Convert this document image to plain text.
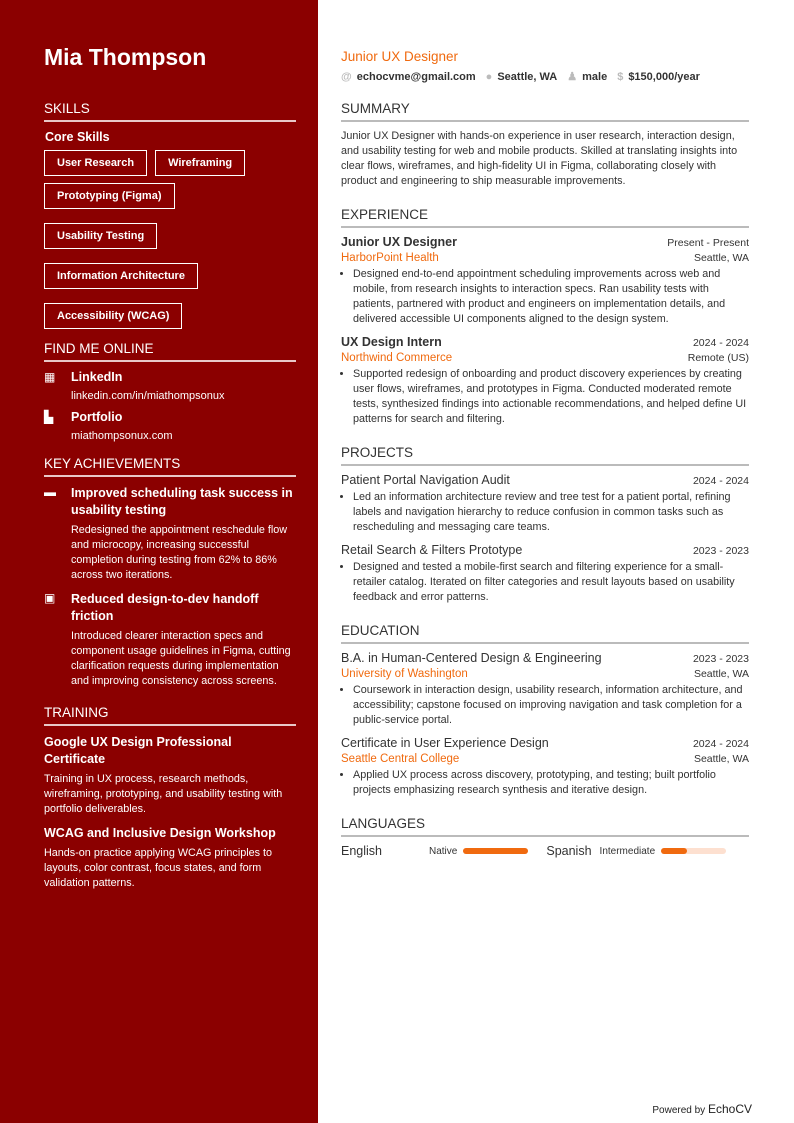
Mia Thompson
SKILLS
Core Skills
User Research	Wireframing
Prototyping (Figma)
Usability Testing
Information Architecture
Accessibility (WCAG)
FIND ME ONLINE
▦	LinkedIn
linkedin.com/in/miathompsonux
▙	Portfolio
miathompsonux.com
KEY ACHIEVEMENTS
▬	Improved scheduling task success in usability testing
Redesigned the appointment reschedule flow and microcopy, increasing successful completion during testing from 62% to 86% across two iterations.
▣	Reduced design-to-dev handoff friction
Introduced clearer interaction specs and component usage guidelines in Figma, cutting clarification requests during implementation and improving consistency across screens.
TRAINING
Google UX Design Professional Certificate
Training in UX process, research methods, wireframing, prototyping, and usability testing with portfolio deliverables.
WCAG and Inclusive Design Workshop
Hands-on practice applying WCAG principles to layouts, color contrast, focus states, and form validation patterns.
Junior UX Designer
@ echocvme@gmail.com ● Seattle, WA ♟ male $ $150,000/year
SUMMARY
Junior UX Designer with hands-on experience in user research, interaction design, and usability testing for web and mobile products. Skilled at translating insights into clear flows, wireframes, and high-fidelity UI in Figma, collaborating closely with product and engineering to ship measurable improvements.
EXPERIENCE
Junior UX Designer	Present - Present
HarborPoint Health	Seattle, WA
• Designed end-to-end appointment scheduling improvements across web and mobile, from research insights to interaction specs. Ran usability tests with patients, partnered with product and engineers on implementation details, and delivered accessible UI components aligned to the design system.
UX Design Intern	2024 - 2024
Northwind Commerce	Remote (US)
• Supported redesign of onboarding and product discovery experiences by creating user flows, wireframes, and prototypes in Figma. Conducted moderated remote tests, synthesized findings into actionable recommendations, and helped define UI patterns for search and filtering.
PROJECTS
Patient Portal Navigation Audit	2024 - 2024
• Led an information architecture review and tree test for a patient portal, refining labels and navigation hierarchy to reduce confusion in common tasks such as rescheduling and messaging care teams.
Retail Search & Filters Prototype	2023 - 2023
• Designed and tested a mobile-first search and filtering experience for a small-retailer catalog. Iterated on filter categories and result layouts based on usability feedback and error patterns.
EDUCATION
B.A. in Human-Centered Design & Engineering	2023 - 2023
University of Washington	Seattle, WA
• Coursework in interaction design, usability research, information architecture, and accessibility; capstone focused on improving navigation and task completion for a public-service portal.
Certificate in User Experience Design	2024 - 2024
Seattle Central College	Seattle, WA
• Applied UX process across discovery, prototyping, and testing; built portfolio projects emphasizing research synthesis and iterative design.
LANGUAGES
English	Native	Spanish Intermediate
Powered by EchoCV
